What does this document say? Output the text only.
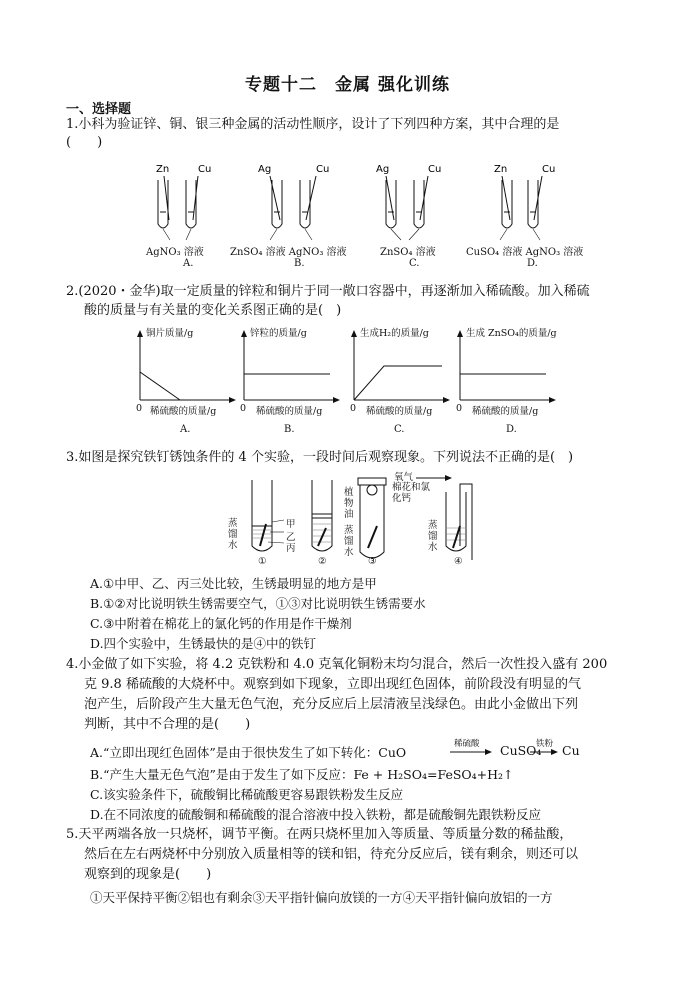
专题十二　金属 强化训练
一、选择题
1.小科为验证锌、铜、银三种金属的活动性顺序，设计了下列四种方案，其中合理的是
(　　)
Zn	Cu	Ag	Cu	Ag	Cu	Zn	Cu
AgNO₃ 溶液	ZnSO₄ 溶液 AgNO₃ 溶液	ZnSO₄ 溶液	CuSO₄ 溶液 AgNO₃ 溶液
A.	B.	C.	D.
2.(2020・金华)取一定质量的锌粒和铜片于同一敞口容器中，再逐渐加入稀硫酸。加入稀硫
酸的质量与有关量的变化关系图正确的是(　)
铜片质量/g	锌粒的质量/g	生成H₂的质量/g	生成 ZnSO₄的质量/g
0 稀硫酸的质量/g 0 稀硫酸的质量/g	0 稀硫酸的质量/g 0 稀硫酸的质量/g
A.	B.	C.	D.
3.如图是探究铁钉锈蚀条件的 4 个实验，一段时间后观察现象。下列说法不正确的是(　)
蒸馏水
甲
乙
丙
植物油
蒸馏水
棉花和氯化钙
氧气
蒸馏水
①	②	③	④
A.①中甲、乙、丙三处比较，生锈最明显的地方是甲
B.①②对比说明铁生锈需要空气，①③对比说明铁生锈需要水
C.③中附着在棉花上的氯化钙的作用是作干燥剂
D.四个实验中，生锈最快的是④中的铁钉
4.小金做了如下实验，将 4.2 克铁粉和 4.0 克氧化铜粉末均匀混合，然后一次性投入盛有 200
克 9.8 稀硫酸的大烧杯中。观察到如下现象，立即出现红色固体，前阶段没有明显的气
泡产生，后阶段产生大量无色气泡，充分反应后上层清液呈浅绿色。由此小金做出下列
判断，其中不合理的是(　　)
A.“立即出现红色固体”是由于很快发生了如下转化：CuO
稀硫酸 → CuSO₄
铁粉 → Cu
B.“产生大量无色气泡”是由于发生了如下反应：Fe + H₂SO₄=FeSO₄+H₂↑
C.该实验条件下，硫酸铜比稀硫酸更容易跟铁粉发生反应
D.在不同浓度的硫酸铜和稀硫酸的混合溶液中投入铁粉，都是硫酸铜先跟铁粉反应
5.天平两端各放一只烧杯，调节平衡。在两只烧杯里加入等质量、等质量分数的稀盐酸，
然后在左右两烧杯中分别放入质量相等的镁和铝，待充分反应后，镁有剩余，则还可以
观察到的现象是(　　)
①天平保持平衡②铝也有剩余③天平指针偏向放镁的一方④天平指针偏向放铝的一方
